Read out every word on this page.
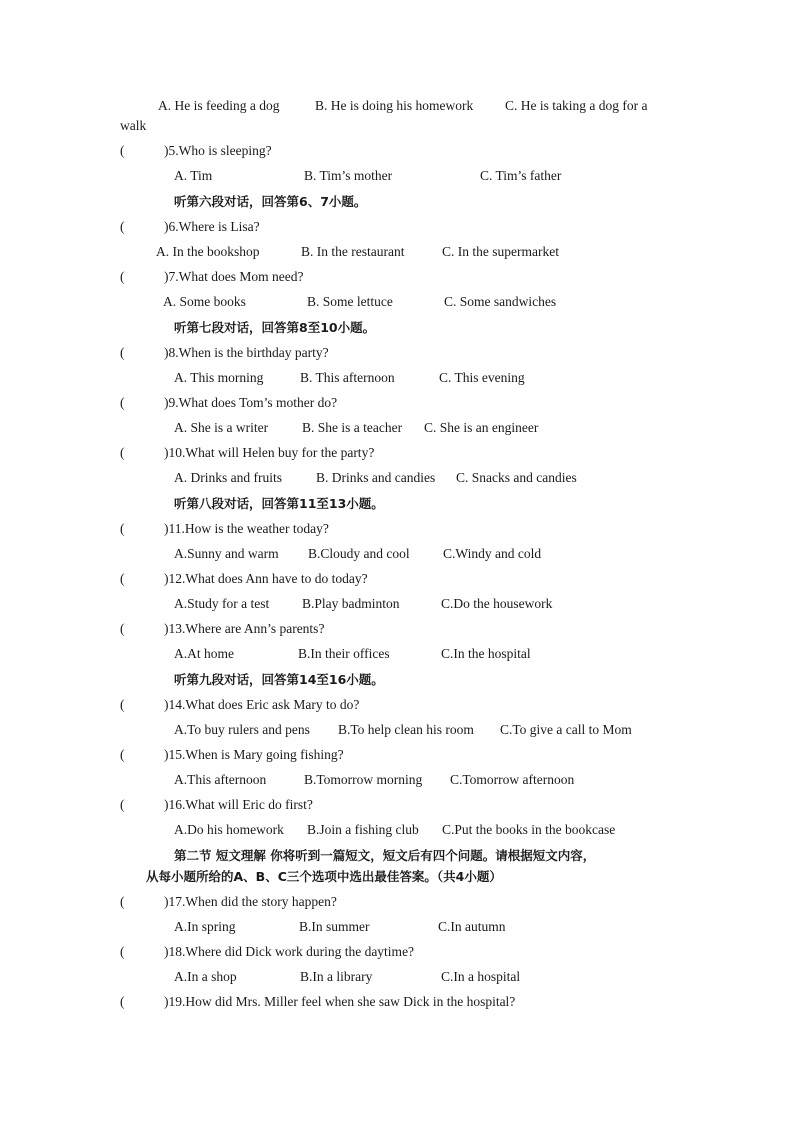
A. He is feeding a dog	B. He is doing his homework C. He is taking a dog for a
walk
(	)5.Who is sleeping?
A. Tim	B. Tim’s mother	C. Tim’s father
听第六段对话，回答第6、7小题。
(	)6.Where is Lisa?
A. In the bookshop	B. In the restaurant	C. In the supermarket
(	)7.What does Mom need?
A. Some books	B. Some lettuce	C. Some sandwiches
听第七段对话，回答第8至10小题。
(	)8.When is the birthday party?
A. This morning	B. This afternoon	C. This evening
(	)9.What does Tom’s mother do?
A. She is a writer	B. She is a teacher C. She is an engineer
(	)10.What will Helen buy for the party?
A. Drinks and fruits	B. Drinks and candies C. Snacks and candies
听第八段对话，回答第11至13小题。
(	)11.How is the weather today?
A.Sunny and warm B.Cloudy and cool C.Windy and cold
(	)12.What does Ann have to do today?
A.Study for a test B.Play badminton	C.Do the housework
(	)13.Where are Ann’s parents?
A.At home	B.In their offices	C.In the hospital
听第九段对话，回答第14至16小题。
(	)14.What does Eric ask Mary to do?
A.To buy rulers and pens B.To help clean his room C.To give a call to Mom
(	)15.When is Mary going fishing?
A.This afternoon	B.Tomorrow morning C.Tomorrow afternoon
(	)16.What will Eric do first?
A.Do his homework B.Join a fishing club C.Put the books in the bookcase
第二节 短文理解 你将听到一篇短文，短文后有四个问题。请根据短文内容，
从每小题所给的A、B、C三个选项中选出最佳答案。（共4小题）
(	)17.When did the story happen?
A.In spring	B.In summer	C.In autumn
(	)18.Where did Dick work during the daytime?
A.In a shop	B.In a library	C.In a hospital
(	)19.How did Mrs. Miller feel when she saw Dick in the hospital?
